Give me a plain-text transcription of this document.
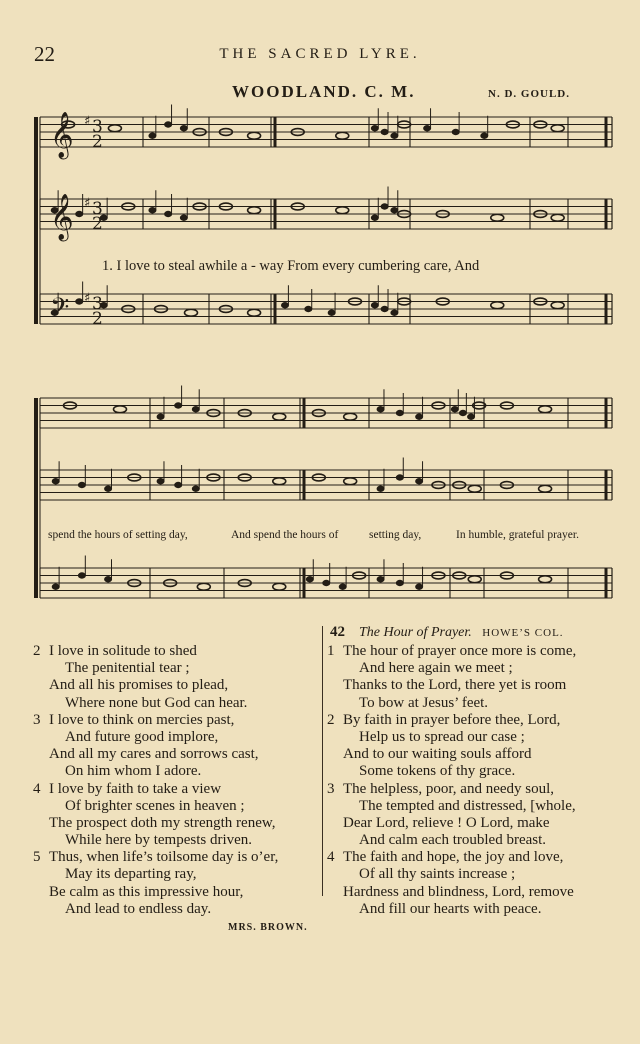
22	THE SACRED LYRE.
WOODLAND. C. M.	N. D. GOULD.
𝄞
𝄞
𝄢
♯
♯
♯
3
2
3
2
3
2
1. I love to steal awhile a - way From every cumbering care, And
spend the hours of setting day,	And spend the hours of	setting day,	In humble, grateful prayer.
2 I love in solitude to shed
The penitential tear ;
And all his promises to plead,
Where none but God can hear.
3 I love to think on mercies past,
And future good implore,
And all my cares and sorrows cast,
On him whom I adore.
4 I love by faith to take a view
Of brighter scenes in heaven ;
The prospect doth my strength renew,
While here by tempests driven.
5 Thus, when life’s toilsome day is o’er,
May its departing ray,
Be calm as this impressive hour,
And lead to endless day.
MRS. BROWN.
42 The Hour of Prayer. HOWE’S COL.
1 The hour of prayer once more is come,
And here again we meet ;
Thanks to the Lord, there yet is room
To bow at Jesus’ feet.
2 By faith in prayer before thee, Lord,
Help us to spread our case ;
And to our waiting souls afford
Some tokens of thy grace.
3 The helpless, poor, and needy soul,
The tempted and distressed, [whole,
Dear Lord, relieve ! O Lord, make
And calm each troubled breast.
4 The faith and hope, the joy and love,
Of all thy saints increase ;
Hardness and blindness, Lord, remove
And fill our hearts with peace.
